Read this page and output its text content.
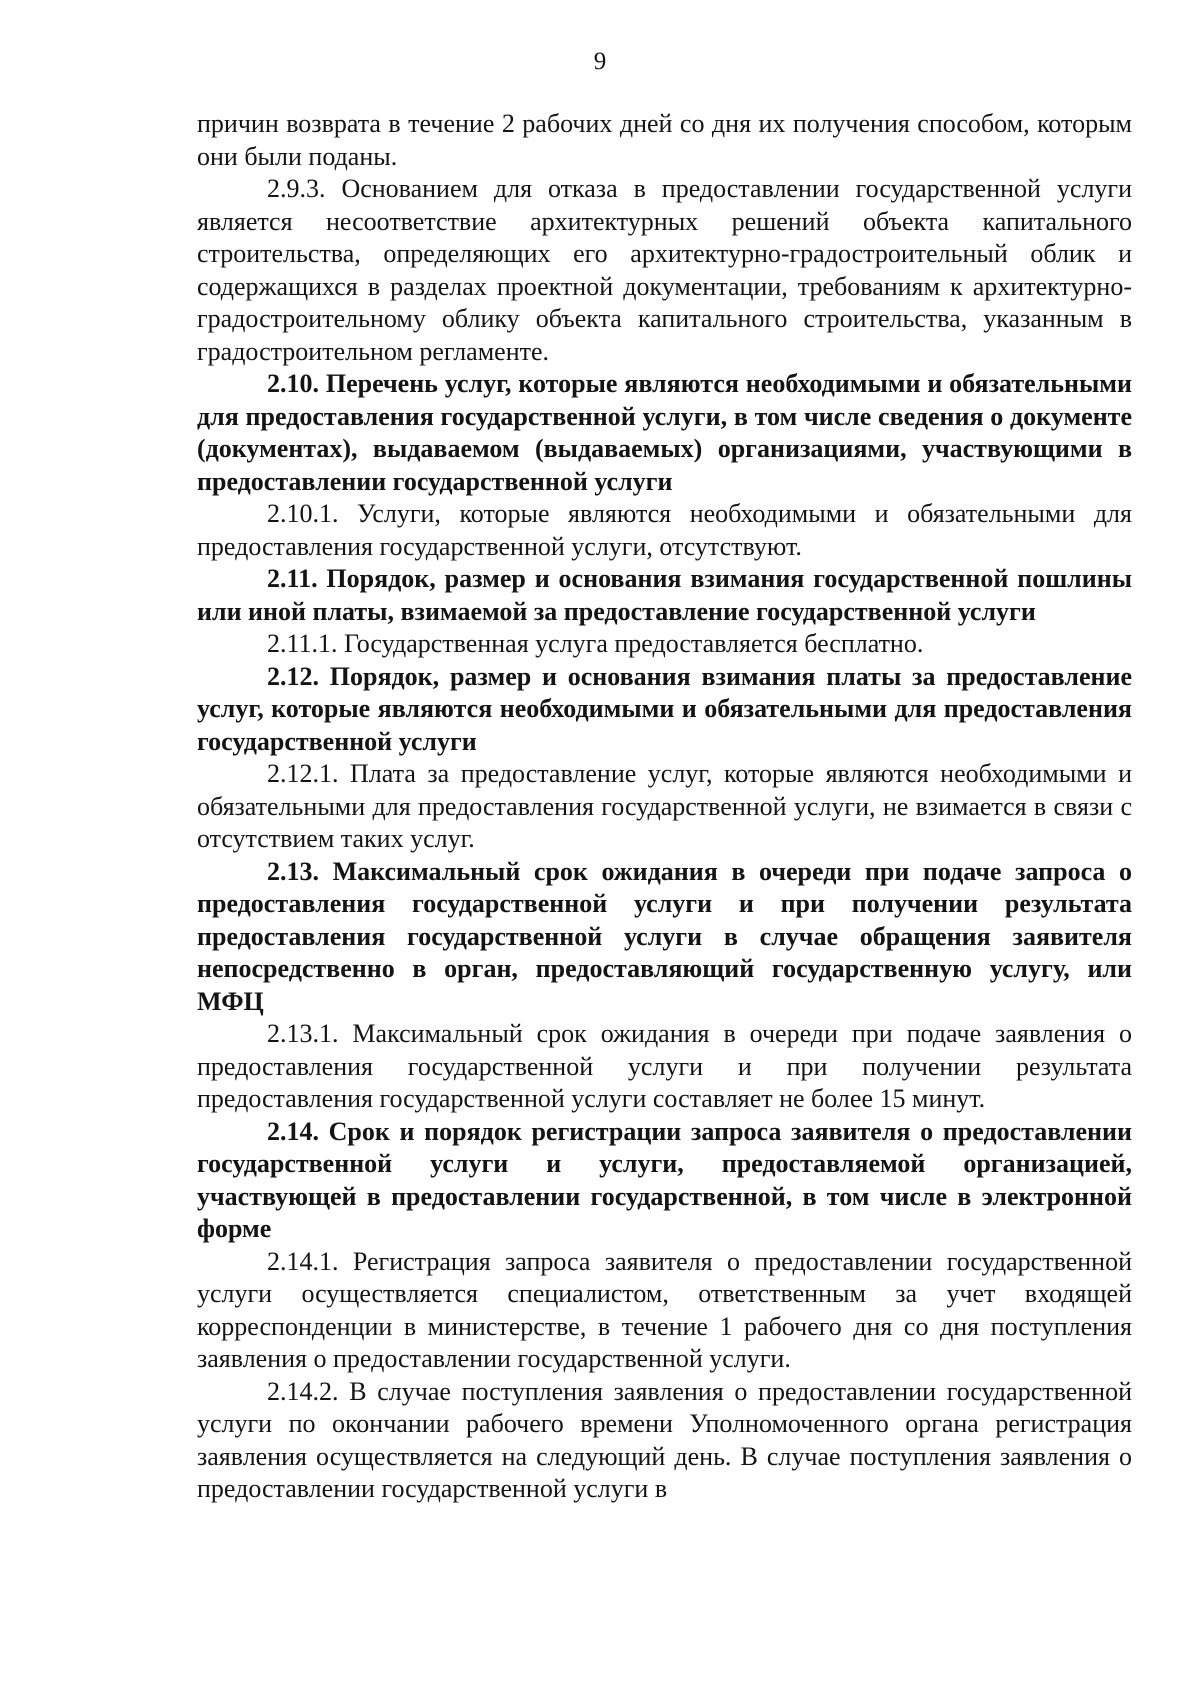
9

причин возврата в течение 2 рабочих дней со дня их получения способом, которым они были поданы.

2.9.3. Основанием для отказа в предоставлении государственной услуги является несоответствие архитектурных решений объекта капитального строительства, определяющих его архитектурно-градостроительный облик и содержащихся в разделах проектной документации, требованиям к архитектурно-градостроительному облику объекта капитального строительства, указанным в градостроительном регламенте.

2.10. Перечень услуг, которые являются необходимыми и обязательными для предоставления государственной услуги, в том числе сведения о документе (документах), выдаваемом (выдаваемых) организациями, участвующими в предоставлении государственной услуги

2.10.1. Услуги, которые являются необходимыми и обязательными для предоставления государственной услуги, отсутствуют.

2.11. Порядок, размер и основания взимания государственной пошлины или иной платы, взимаемой за предоставление государственной услуги

2.11.1. Государственная услуга предоставляется бесплатно.

2.12. Порядок, размер и основания взимания платы за предоставление услуг, которые являются необходимыми и обязательными для предоставления государственной услуги

2.12.1. Плата за предоставление услуг, которые являются необходимыми и обязательными для предоставления государственной услуги, не взимается в связи с отсутствием таких услуг.

2.13. Максимальный срок ожидания в очереди при подаче запроса о предоставления государственной услуги и при получении результата предоставления государственной услуги в случае обращения заявителя непосредственно в орган, предоставляющий государственную услугу, или МФЦ

2.13.1. Максимальный срок ожидания в очереди при подаче заявления о предоставления государственной услуги и при получении результата предоставления государственной услуги составляет не более 15 минут.

2.14. Срок и порядок регистрации запроса заявителя о предоставлении государственной услуги и услуги, предоставляемой организацией, участвующей в предоставлении государственной, в том числе в электронной форме

2.14.1. Регистрация запроса заявителя о предоставлении государственной услуги осуществляется специалистом, ответственным за учет входящей корреспонденции в министерстве, в течение 1 рабочего дня со дня поступления заявления о предоставлении государственной услуги.

2.14.2. В случае поступления заявления о предоставлении государственной услуги по окончании рабочего времени Уполномоченного органа регистрация заявления осуществляется на следующий день. В случае поступления заявления о предоставлении государственной услуги в
